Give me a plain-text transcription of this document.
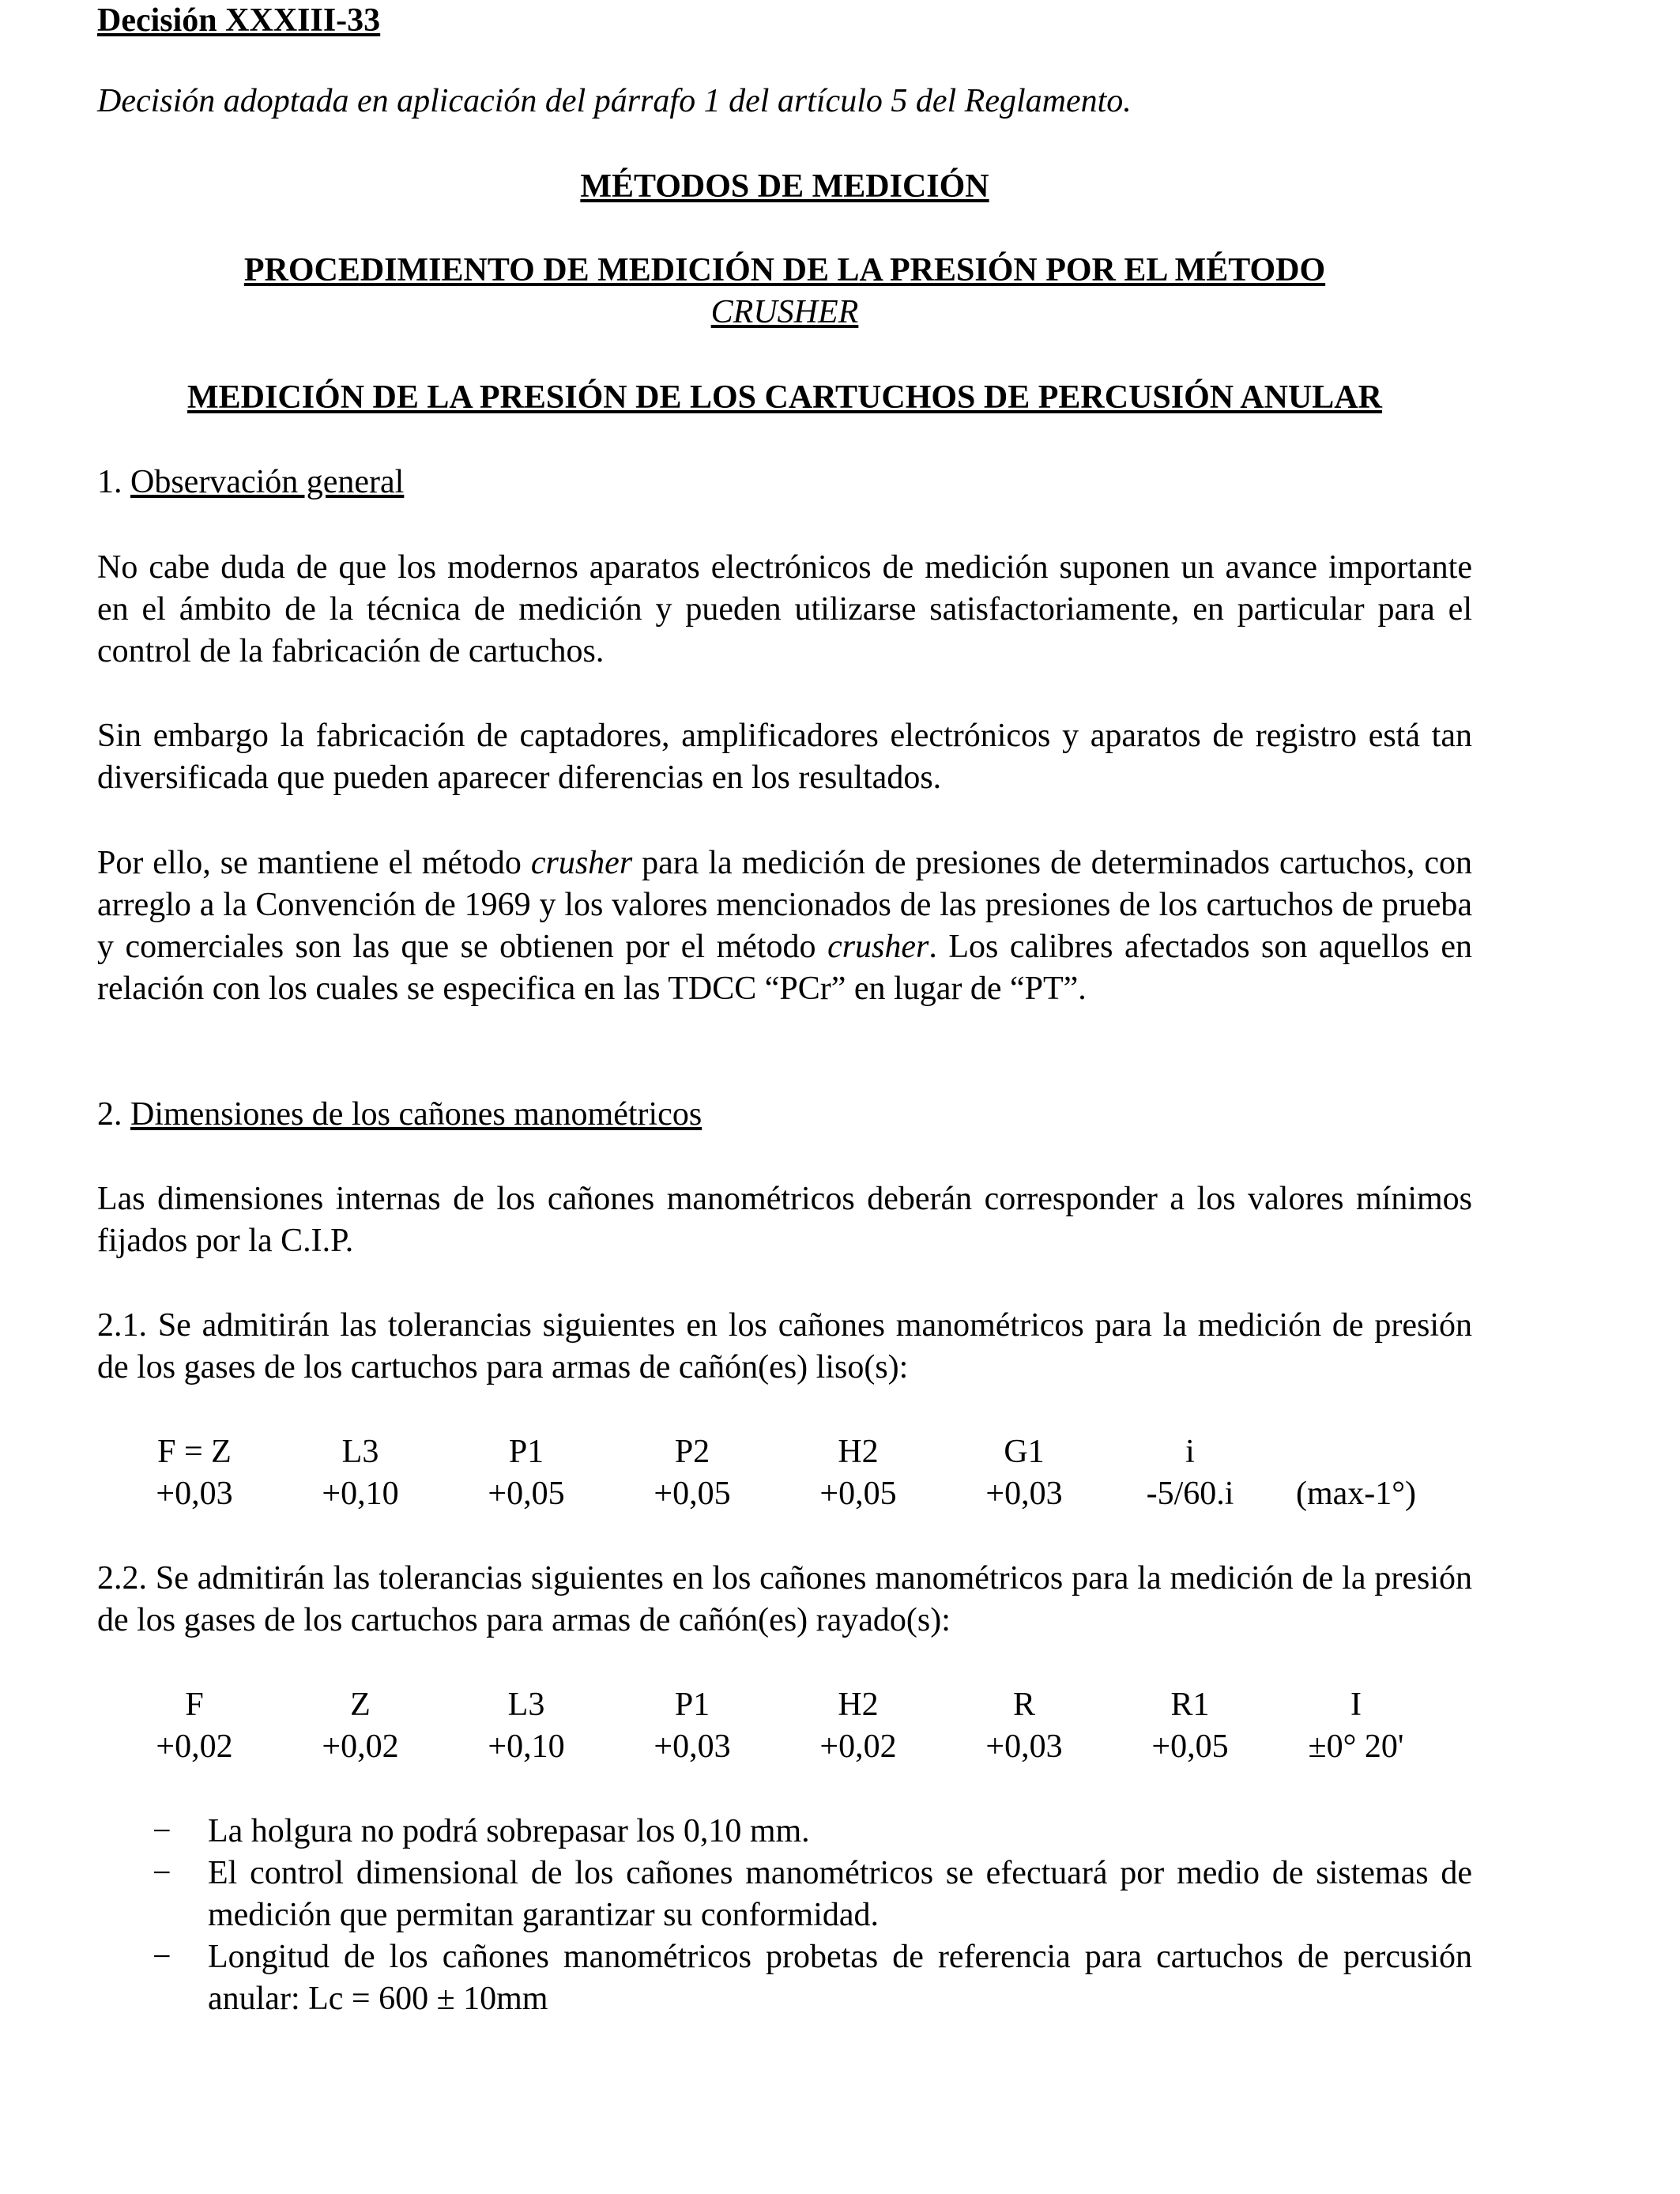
Decisión XXXIII-33
Decisión adoptada en aplicación del párrafo 1 del artículo 5 del Reglamento.
MÉTODOS DE MEDICIÓN
PROCEDIMIENTO DE MEDICIÓN DE LA PRESIÓN POR EL MÉTODO
CRUSHER
MEDICIÓN DE LA PRESIÓN DE LOS CARTUCHOS DE PERCUSIÓN ANULAR
1. Observación general
No cabe duda de que los modernos aparatos electrónicos de medición suponen un avance importante en el ámbito de la técnica de medición y pueden utilizarse satisfactoriamente, en particular para el control de la fabricación de cartuchos.
Sin embargo la fabricación de captadores, amplificadores electrónicos y aparatos de registro está tan diversificada que pueden aparecer diferencias en los resultados.
Por ello, se mantiene el método crusher para la medición de presiones de determinados cartuchos, con arreglo a la Convención de 1969 y los valores mencionados de las presiones de los cartuchos de prueba y comerciales son las que se obtienen por el método crusher. Los calibres afectados son aquellos en relación con los cuales se especifica en las TDCC “PCr” en lugar de “PT”.
2. Dimensiones de los cañones manométricos
Las dimensiones internas de los cañones manométricos deberán corresponder a los valores mínimos fijados por la C.I.P.
2.1. Se admitirán las tolerancias siguientes en los cañones manométricos para la medición de presión de los gases de los cartuchos para armas de cañón(es) liso(s):
F = Z	L3	P1	P2	H2	G1	i
+0,03	+0,10	+0,05	+0,05	+0,05	+0,03	-5/60.i	(max-1°)
2.2. Se admitirán las tolerancias siguientes en los cañones manométricos para la medición de la presión de los gases de los cartuchos para armas de cañón(es) rayado(s):
F	Z	L3	P1	H2	R	R1	I
+0,02	+0,02	+0,10	+0,03	+0,02	+0,03	+0,05	±0° 20'
− La holgura no podrá sobrepasar los 0,10 mm.
− El control dimensional de los cañones manométricos se efectuará por medio de sistemas de medición que permitan garantizar su conformidad.
− Longitud de los cañones manométricos probetas de referencia para cartuchos de percusión anular: Lc = 600 ± 10mm
